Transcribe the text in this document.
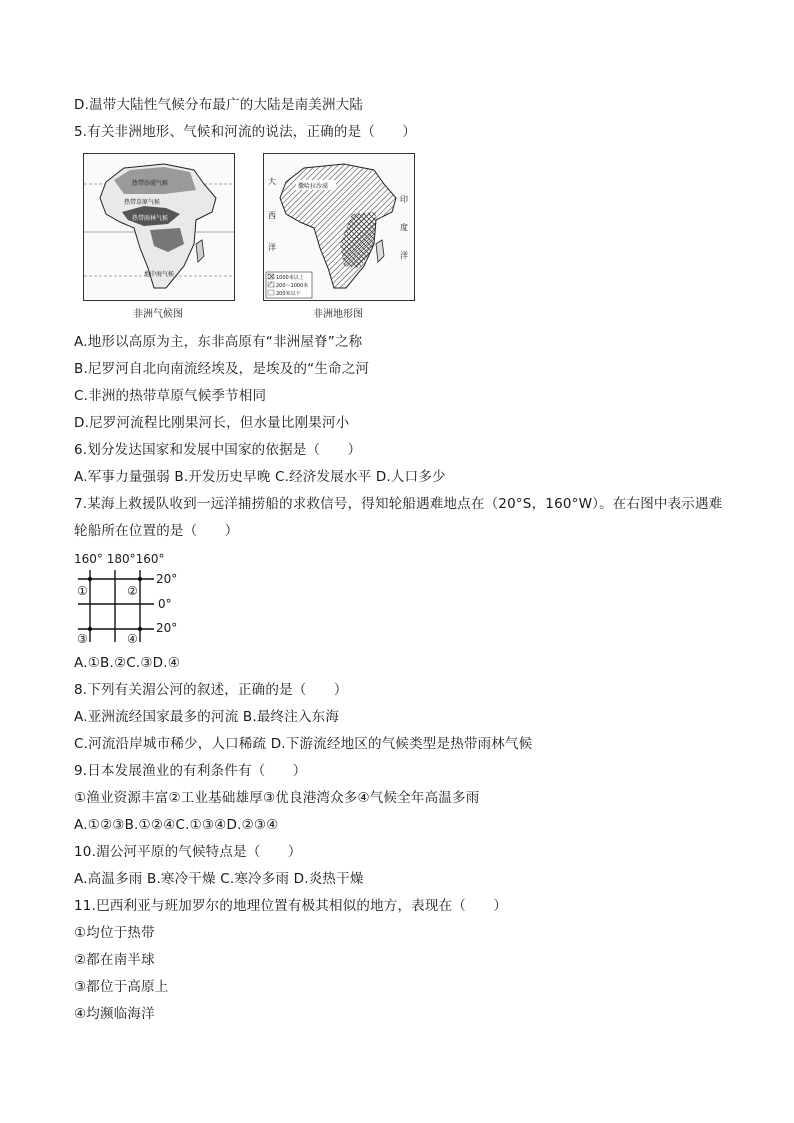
D.温带大陆性气候分布最广的大陆是南美洲大陆
5.有关非洲地形、气候和河流的说法，正确的是（　　）
热带沙漠气候
热带草原气候
热带雨林气候
地中海气候
非洲气候图
撒哈拉沙漠
大
西
洋
印
度
洋
1000米以上
200～1000米
200米以下
非洲地形图
A.地形以高原为主，东非高原有“非洲屋脊”之称
B.尼罗河自北向南流经埃及，是埃及的“生命之河
C.非洲的热带草原气候季节相同
D.尼罗河流程比刚果河长，但水量比刚果河小
6.划分发达国家和发展中国家的依据是（　　）
A.军事力量强弱 B.开发历史早晚 C.经济发展水平 D.人口多少
7.某海上救援队收到一远洋捕捞船的求救信号，得知轮船遇难地点在（20°S，160°W）。在右图中表示遇难
轮船所在位置的是（　　）
160° 180°160°
20°
0°
20°
①	②
③	④
A.①B.②C.③D.④
8.下列有关湄公河的叙述，正确的是（　　）
A.亚洲流经国家最多的河流 B.最终注入东海
C.河流沿岸城市稀少，人口稀疏 D.下游流经地区的气候类型是热带雨林气候
9.日本发展渔业的有利条件有（　　）
①渔业资源丰富②工业基础雄厚③优良港湾众多④气候全年高温多雨
A.①②③B.①②④C.①③④D.②③④
10.湄公河平原的气候特点是（　　）
A.高温多雨 B.寒冷干燥 C.寒冷多雨 D.炎热干燥
11.巴西利亚与班加罗尔的地理位置有极其相似的地方，表现在（　　）
①均位于热带
②都在南半球
③都位于高原上
④均濒临海洋
